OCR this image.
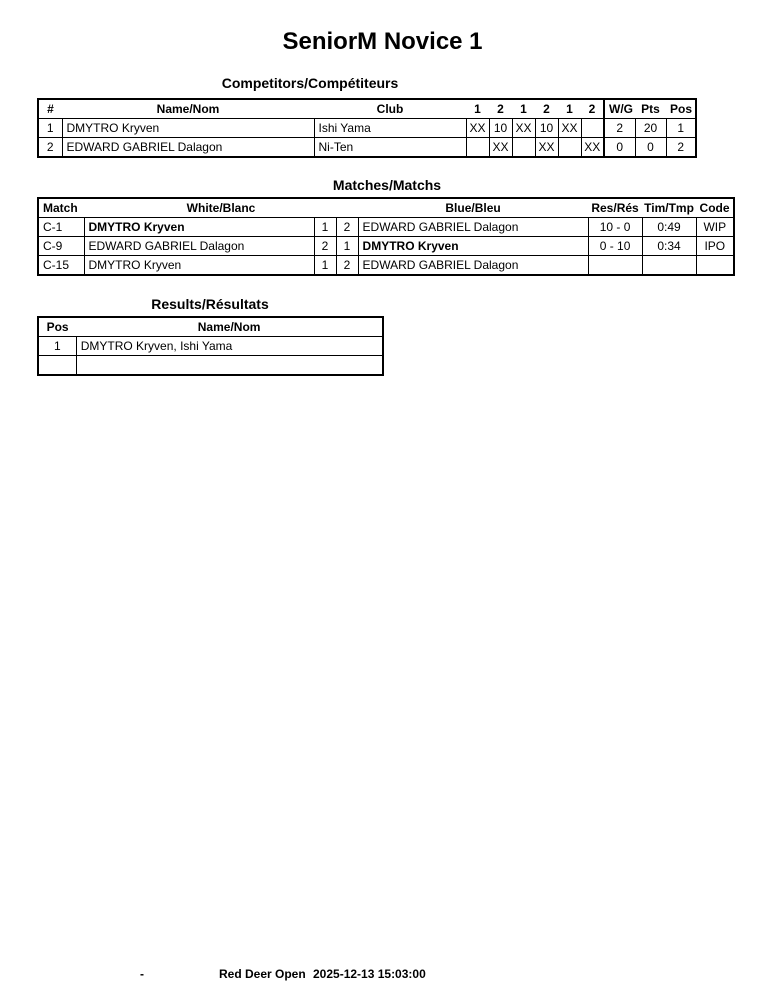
SeniorM Novice 1
Competitors/Compétiteurs
#	Name/Nom	Club	1	2	1	2	1	2	W/G	Pts	Pos
1	DMYTRO Kryven	Ishi Yama	XX	10	XX	10	XX		2	20	1
2	EDWARD GABRIEL Dalagon	Ni-Ten		XX		XX		XX	0	0	2
Matches/Matchs
Match	White/Blanc			Blue/Bleu	Res/Rés	Tim/Tmp	Code
C-1	DMYTRO Kryven	1	2	EDWARD GABRIEL Dalagon	10 - 0	0:49	WIP
C-9	EDWARD GABRIEL Dalagon	2	1	DMYTRO Kryven	0 - 10	0:34	IPO
C-15	DMYTRO Kryven	1	2	EDWARD GABRIEL Dalagon			
Results/Résultats
Pos	Name/Nom
1	DMYTRO Kryven, Ishi Yama

-	Red Deer Open 2025-12-13 15:03:00
